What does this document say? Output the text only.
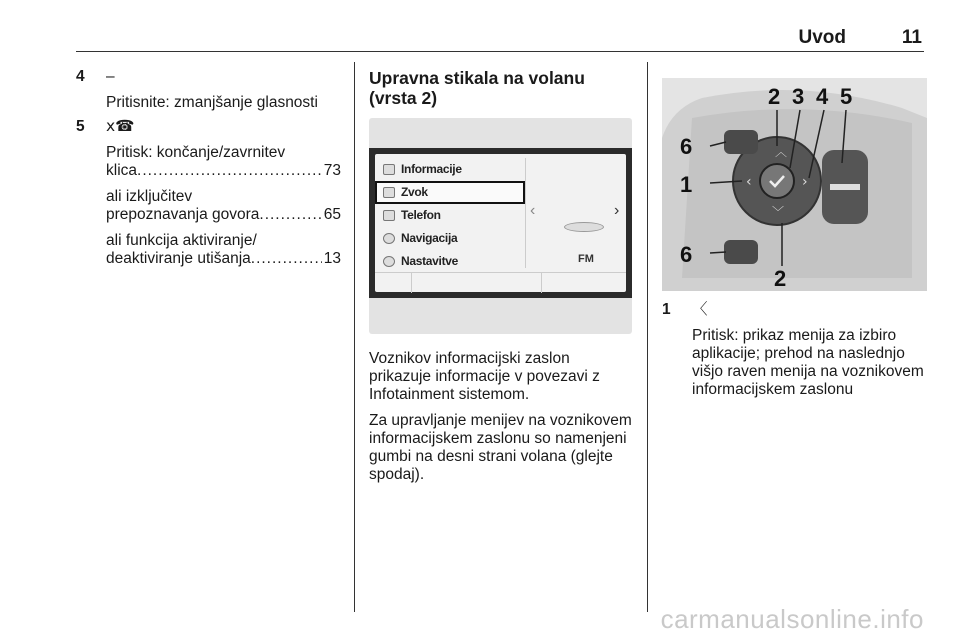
Uvod	11
4 –
Pritisnite: zmanjšanje glasnosti
5 ⅹ☎
Pritisk: končanje/zavrnitev
klica .....	73
ali izključitev
prepoznavanja govora .....	65
ali funkcija aktiviranje/
deaktiviranje utišanja .....	13
Upravna stikala na volanu (vrsta 2)
Informacije
Zvok
Telefon
Navigacija
Nastavitve
‹	›
FM
Voznikov informacijski zaslon prikazuje informacije v povezavi z Infotainment sistemom.
Za upravljanje menijev na voznikovem informacijskem zaslonu so namenjeni gumbi na desni strani volana (glejte spodaj).
︿
‹	›
﹀
2 3 4 5
6
1
6
2
1 〈
Pritisk: prikaz menija za izbiro aplikacije; prehod na naslednjo višjo raven menija na voznikovem informacijskem zaslonu
carmanualsonline.info
